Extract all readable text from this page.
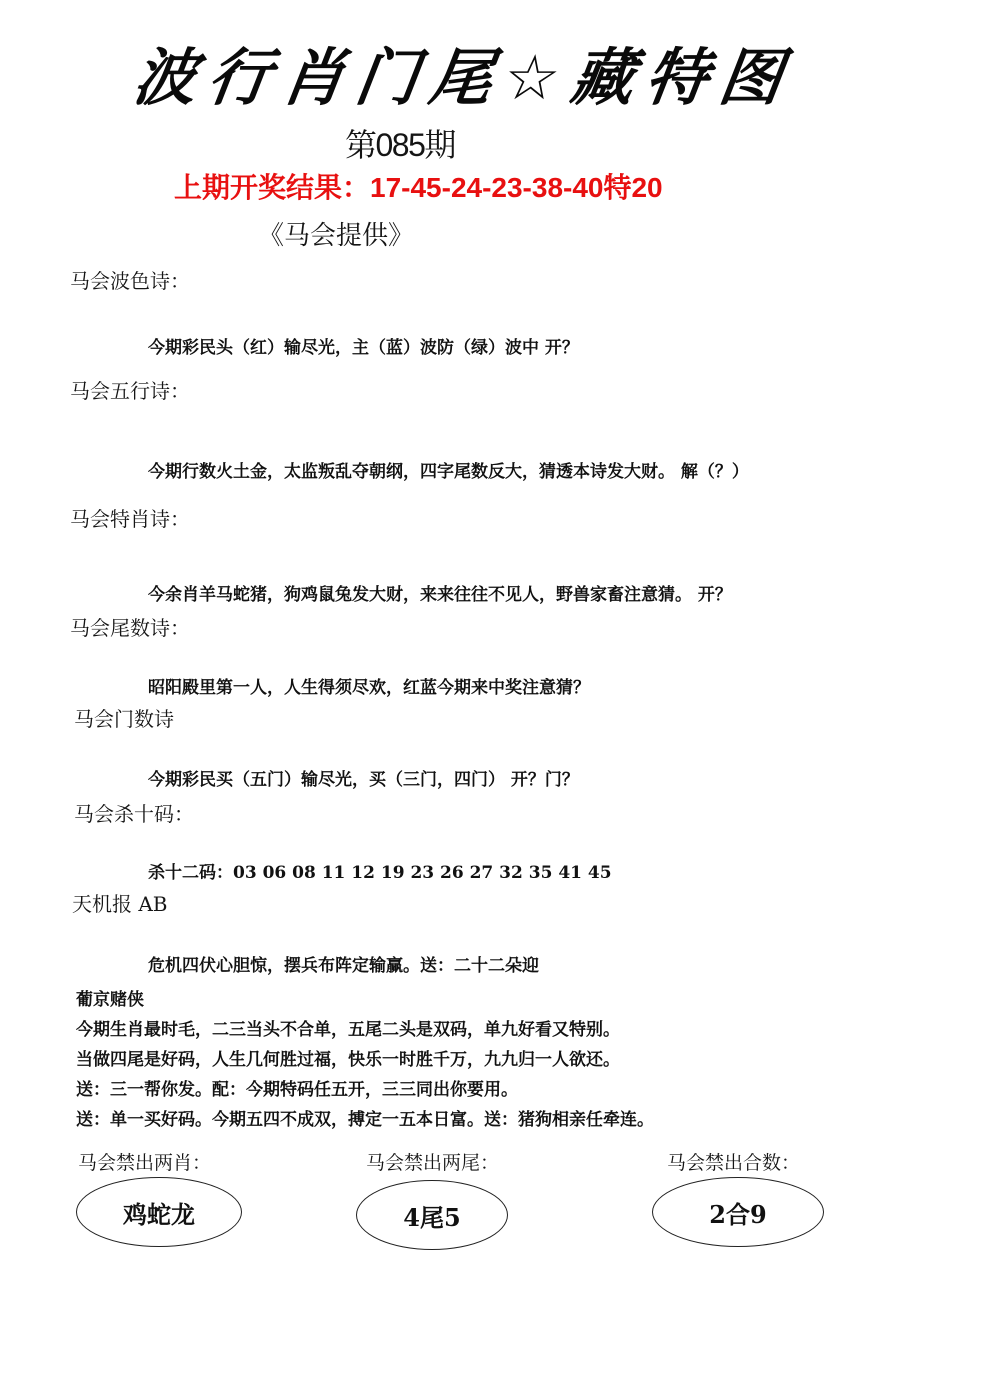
波行肖门尾☆藏特图
第085期
上期开奖结果：17-45-24-23-38-40特20
《马会提供》
马会波色诗：
今期彩民头（红）输尽光，主（蓝）波防（绿）波中 开？
马会五行诗：
今期行数火土金，太监叛乱夺朝纲，四字尾数反大，猜透本诗发大财。 解（？）
马会特肖诗：
今余肖羊马蛇猪，狗鸡鼠兔发大财，来来往往不见人，野兽家畜注意猜。 开？
马会尾数诗：
昭阳殿里第一人，人生得须尽欢，红蓝今期来中奖注意猜？
马会门数诗
今期彩民买（五门）输尽光，买（三门，四门） 开？门？
马会杀十码：
杀十二码：03 06 08 11 12 19 23 26 27 32 35 41 45
天机报 AB
危机四伏心胆惊，摆兵布阵定输赢。送：二十二朵迎
葡京赌侠
今期生肖最时毛，二三当头不合单，五尾二头是双码，单九好看又特别。
当做四尾是好码，人生几何胜过福，快乐一时胜千万，九九归一人欲还。
送：三一帮你发。配：今期特码任五开，三三同出你要用。
送：单一买好码。今期五四不成双，搏定一五本日富。送：猪狗相亲任牵连。
马会禁出两肖：
鸡蛇龙
马会禁出两尾：
4尾5
马会禁出合数：
2合9
